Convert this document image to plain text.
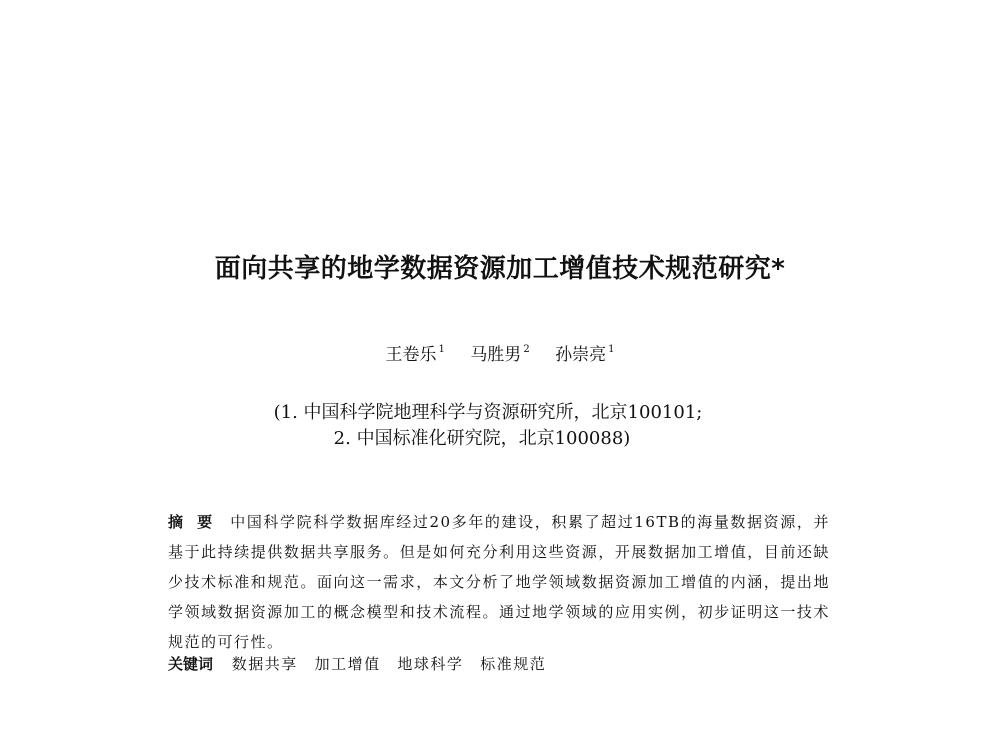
面向共享的地学数据资源加工增值技术规范研究*
王卷乐 $^1$ 马胜男 $^2$ 孙崇亮 $^1$
(1. 中国科学院地理科学与资源研究所，北京100101;
2. 中国标准化研究院，北京100088)
摘要 中国科学院科学数据库经过20多年的建设，积累了超过16TB的海量数据资源，并基于此持续提供数据共享服务。但是如何充分利用这些资源，开展数据加工增值，目前还缺少技术标准和规范。面向这一需求，本文分析了地学领域数据资源加工增值的内涵，提出地学领域数据资源加工的概念模型和技术流程。通过地学领域的应用实例，初步证明这一技术规范的可行性。
关键词 数据共享 加工增值 地球科学 标准规范
